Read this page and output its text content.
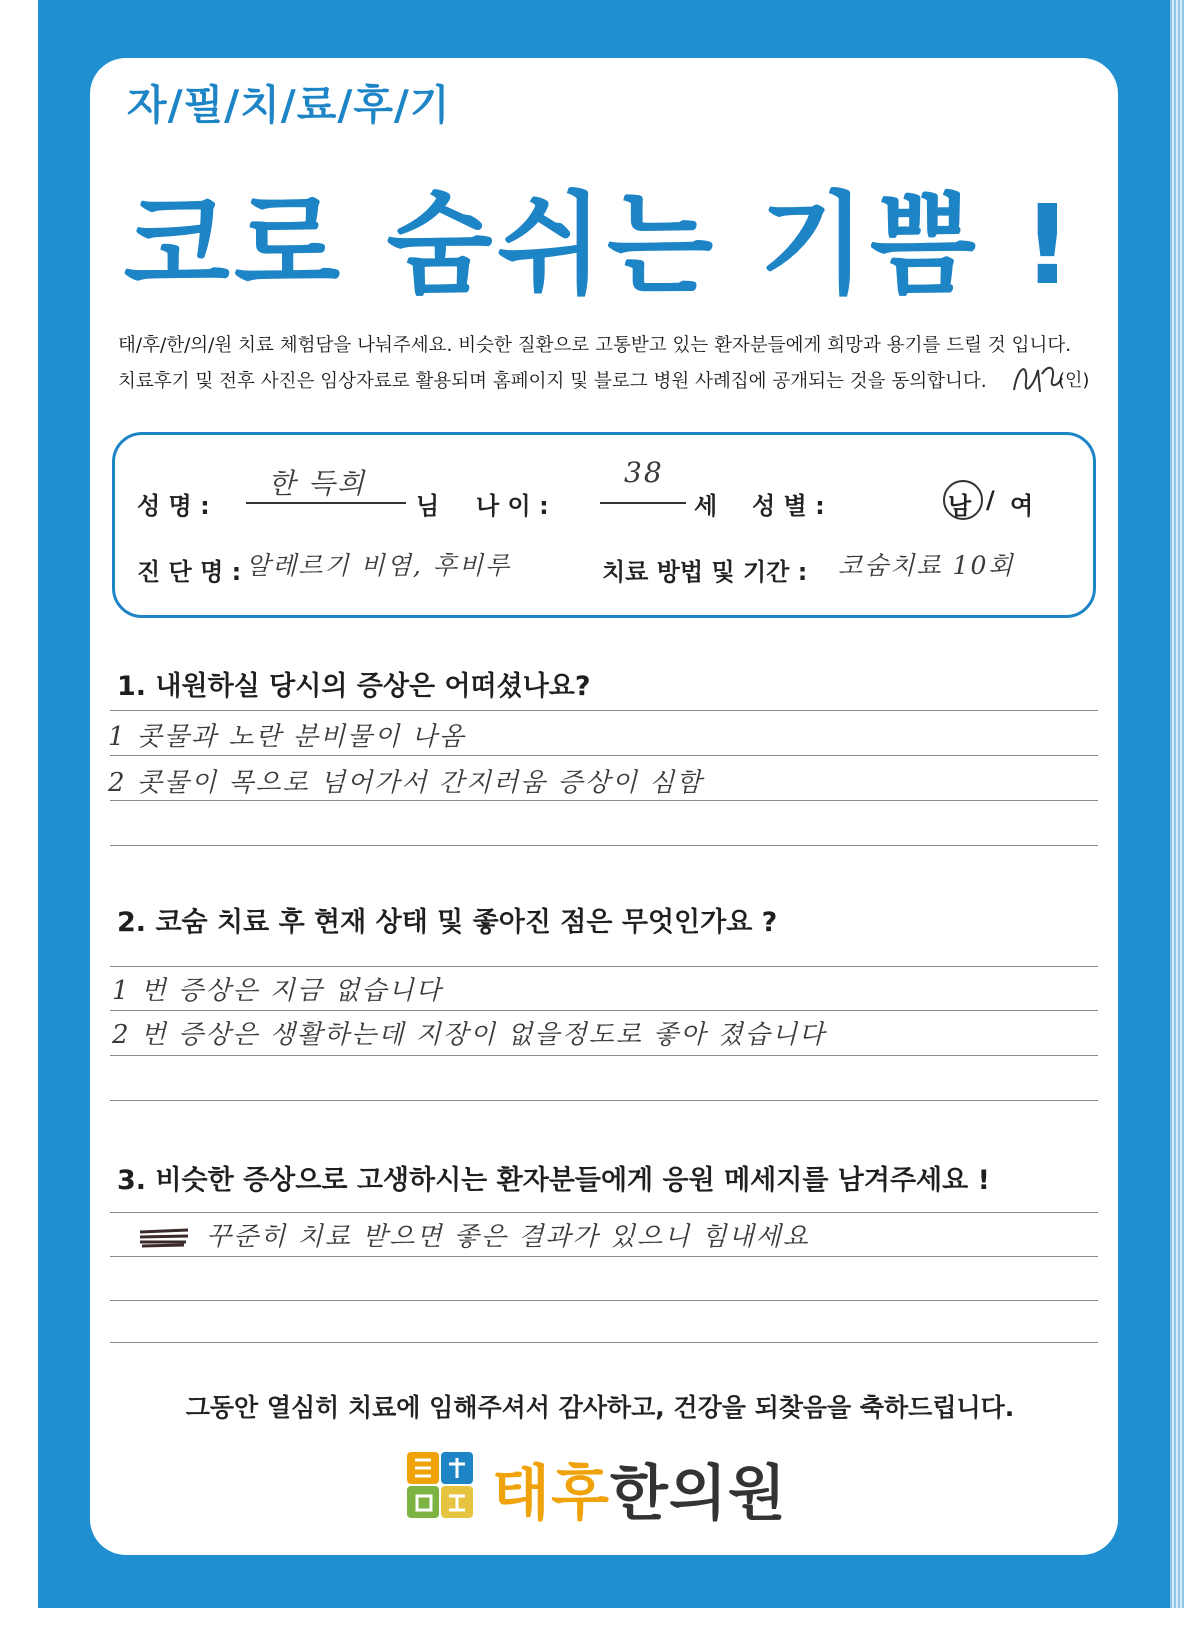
자/필/치/료/후/기
코로 숨쉬는 기쁨 !
태/후/한/의/원 치료 체험담을 나눠주세요. 비슷한 질환으로 고통받고 있는 환자분들에게 희망과 용기를 드릴 것 입니다.
치료후기 및 전후 사진은 임상자료로 활용되며 홈페이지 및 블로그 병원 사례집에 공개되는 것을 동의합니다.	(인)
성 명 :
한 득희
님 나 이 :
38
세 성 별 :	남 / 여
진 단 명 : 알레르기 비염, 후비루	치료 방법 및 기간 : 코숨치료 10회
1. 내원하실 당시의 증상은 어떠셨나요?
1 콧물과 노란 분비물이 나옴
2 콧물이 목으로 넘어가서 간지러움 증상이 심함
2. 코숨 치료 후 현재 상태 및 좋아진 점은 무엇인가요 ?
1 번 증상은 지금 없습니다
2 번 증상은 생활하는데 지장이 없을정도로 좋아 졌습니다
3. 비슷한 증상으로 고생하시는 환자분들에게 응원 메세지를 남겨주세요 !
꾸준히 치료 받으면 좋은 결과가 있으니 힘내세요
그동안 열심히 치료에 임해주셔서 감사하고, 건강을 되찾음을 축하드립니다.
태후한의원
